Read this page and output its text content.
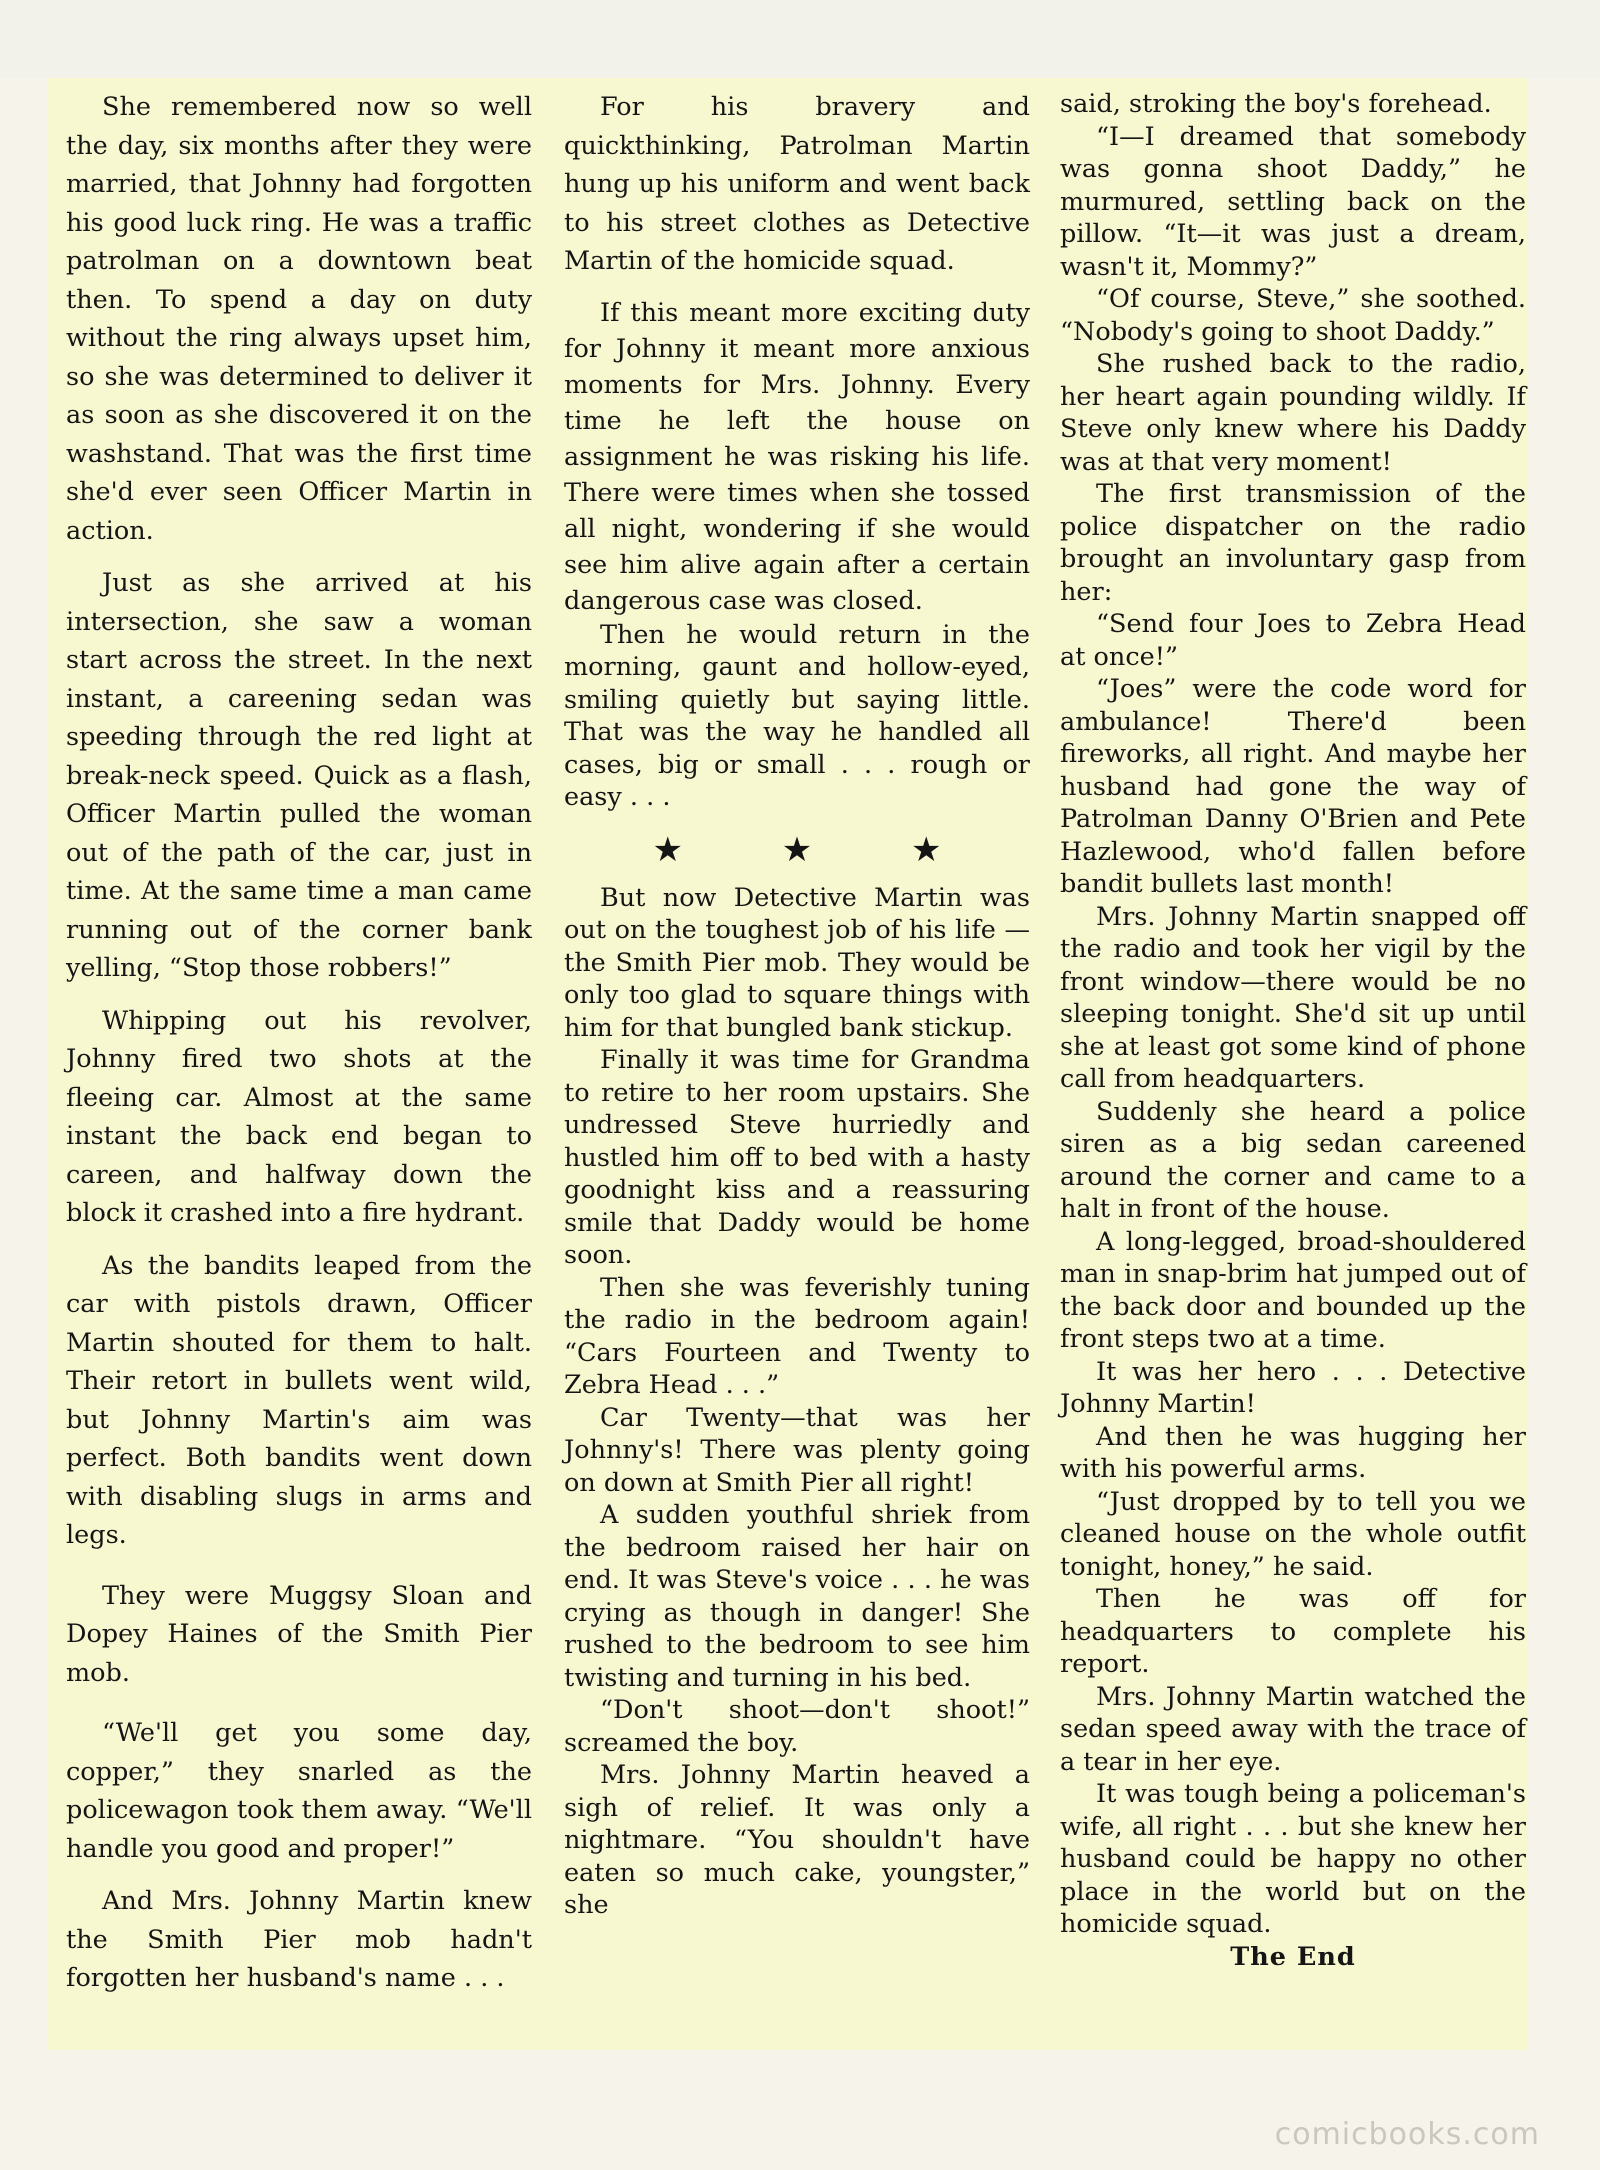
She remembered now so well the day, six months after they were married, that Johnny had forgotten his good luck ring. He was a traffic patrolman on a downtown beat then. To spend a day on duty without the ring always upset him, so she was determined to deliver it as soon as she discovered it on the washstand. That was the first time she'd ever seen Officer Martin in action.

Just as she arrived at his intersection, she saw a woman start across the street. In the next instant, a careening sedan was speeding through the red light at break-neck speed. Quick as a flash, Officer Martin pulled the woman out of the path of the car, just in time. At the same time a man came running out of the corner bank yelling, “Stop those robbers!”

Whipping out his revolver, Johnny fired two shots at the fleeing car. Almost at the same instant the back end began to careen, and halfway down the block it crashed into a fire hydrant.

As the bandits leaped from the car with pistols drawn, Officer Martin shouted for them to halt. Their retort in bullets went wild, but Johnny Martin's aim was perfect. Both bandits went down with disabling slugs in arms and legs.

They were Muggsy Sloan and Dopey Haines of the Smith Pier mob.

“We'll get you some day, copper,” they snarled as the policewagon took them away. “We'll handle you good and proper!”

And Mrs. Johnny Martin knew the Smith Pier mob hadn't forgotten her husband's name . . .

For his bravery and quickthinking, Patrolman Martin hung up his uniform and went back to his street clothes as Detective Martin of the homicide squad.

If this meant more exciting duty for Johnny it meant more anxious moments for Mrs. Johnny. Every time he left the house on assignment he was risking his life. There were times when she tossed all night, wondering if she would see him alive again after a certain dangerous case was closed.

Then he would return in the morning, gaunt and hollow-eyed, smiling quietly but saying little. That was the way he handled all cases, big or small . . . rough or easy . . .

★ ★ ★

But now Detective Martin was out on the toughest job of his life — the Smith Pier mob. They would be only too glad to square things with him for that bungled bank stickup.

Finally it was time for Grandma to retire to her room upstairs. She undressed Steve hurriedly and hustled him off to bed with a hasty goodnight kiss and a reassuring smile that Daddy would be home soon.

Then she was feverishly tuning the radio in the bedroom again! “Cars Fourteen and Twenty to Zebra Head . . .”

Car Twenty—that was her Johnny's! There was plenty going on down at Smith Pier all right!

A sudden youthful shriek from the bedroom raised her hair on end. It was Steve's voice . . . he was crying as though in danger! She rushed to the bedroom to see him twisting and turning in his bed.

“Don't shoot—don't shoot!” screamed the boy.

Mrs. Johnny Martin heaved a sigh of relief. It was only a nightmare. “You shouldn't have eaten so much cake, youngster,” she

said, stroking the boy's forehead.

“I—I dreamed that somebody was gonna shoot Daddy,” he murmured, settling back on the pillow. “It—it was just a dream, wasn't it, Mommy?”

“Of course, Steve,” she soothed. “Nobody's going to shoot Daddy.”

She rushed back to the radio, her heart again pounding wildly. If Steve only knew where his Daddy was at that very moment!

The first transmission of the police dispatcher on the radio brought an involuntary gasp from her:

“Send four Joes to Zebra Head at once!”

“Joes” were the code word for ambulance! There'd been fireworks, all right. And maybe her husband had gone the way of Patrolman Danny O'Brien and Pete Hazlewood, who'd fallen before bandit bullets last month!

Mrs. Johnny Martin snapped off the radio and took her vigil by the front window—there would be no sleeping tonight. She'd sit up until she at least got some kind of phone call from headquarters.

Suddenly she heard a police siren as a big sedan careened around the corner and came to a halt in front of the house.

A long-legged, broad-shouldered man in snap-brim hat jumped out of the back door and bounded up the front steps two at a time.

It was her hero . . . Detective Johnny Martin!

And then he was hugging her with his powerful arms.

“Just dropped by to tell you we cleaned house on the whole outfit tonight, honey,” he said.

Then he was off for headquarters to complete his report.

Mrs. Johnny Martin watched the sedan speed away with the trace of a tear in her eye.

It was tough being a policeman's wife, all right . . . but she knew her husband could be happy no other place in the world but on the homicide squad.

The End

comicbooks.com
